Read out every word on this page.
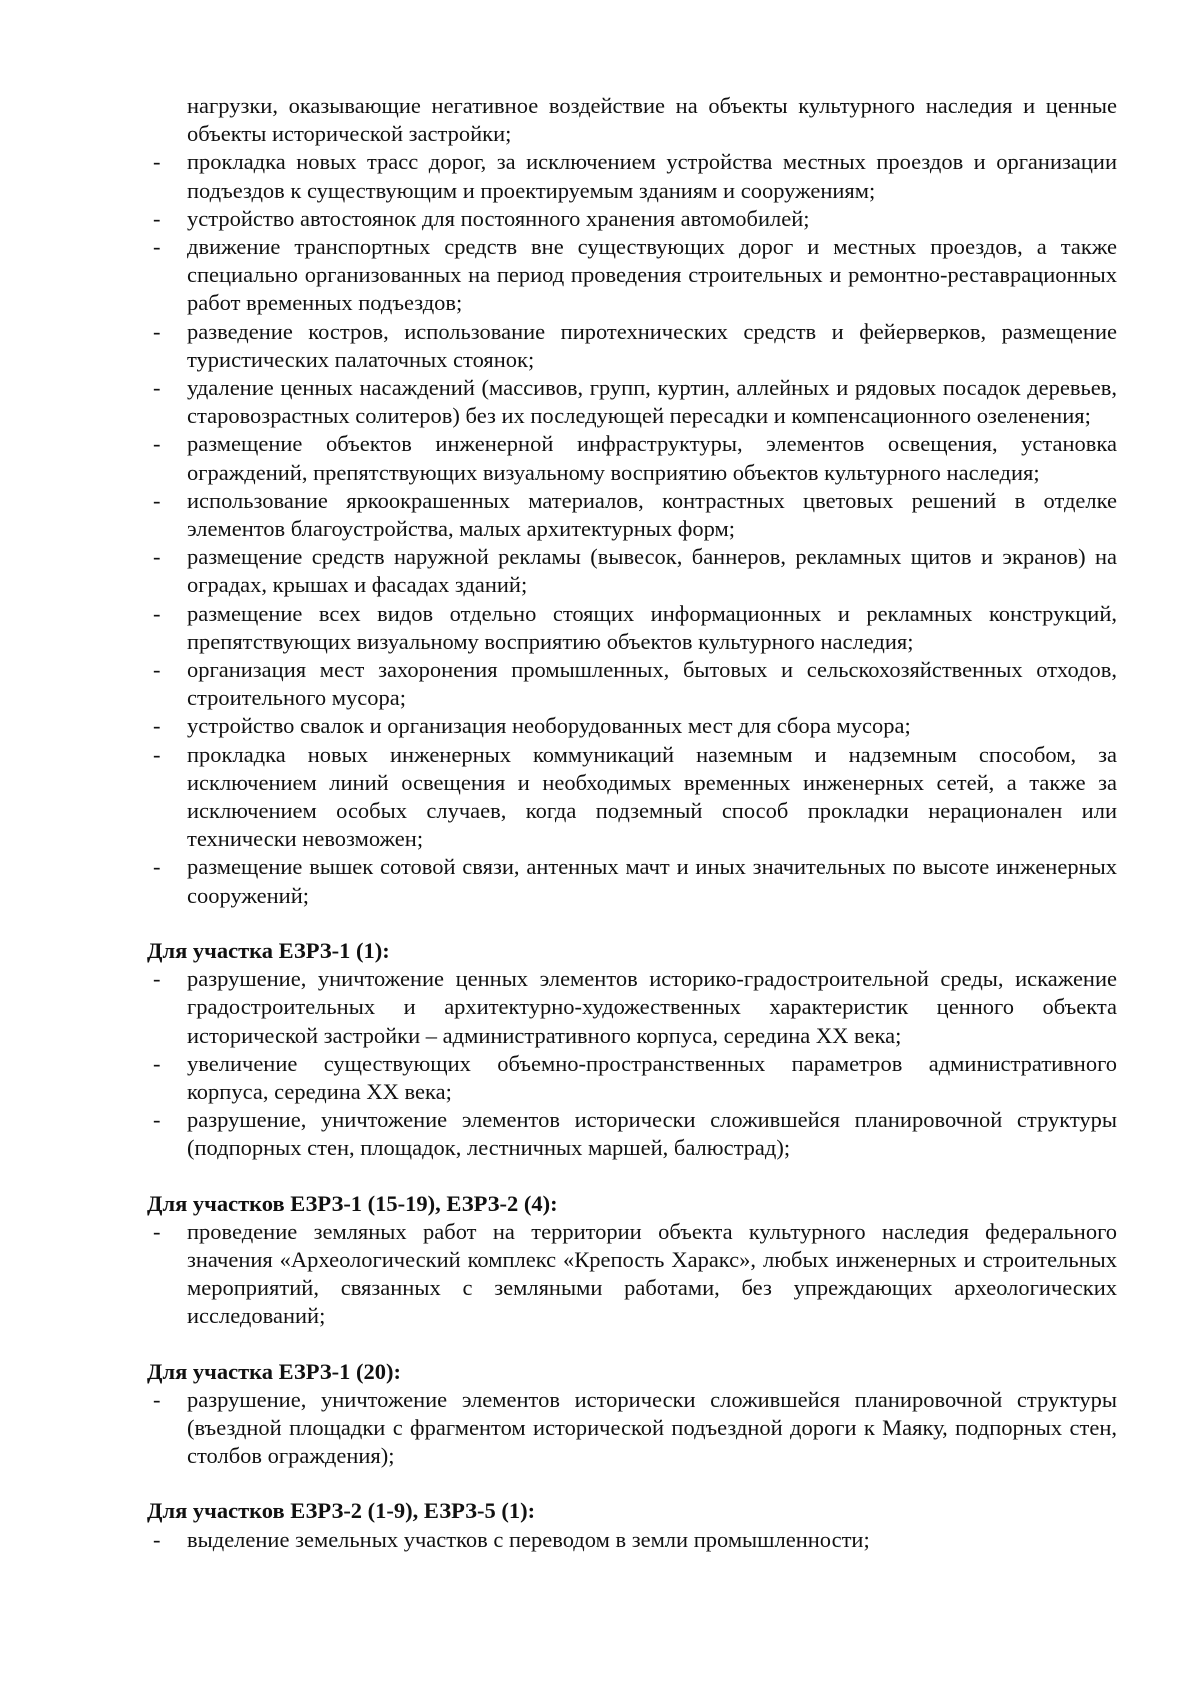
нагрузки, оказывающие негативное воздействие на объекты культурного наследия и ценные объекты исторической застройки;

- прокладка новых трасс дорог, за исключением устройства местных проездов и организации подъездов к существующим и проектируемым зданиям и сооружениям;
- устройство автостоянок для постоянного хранения автомобилей;
- движение транспортных средств вне существующих дорог и местных проездов, а также специально организованных на период проведения строительных и ремонтно-реставрационных работ временных подъездов;
- разведение костров, использование пиротехнических средств и фейерверков, размещение туристических палаточных стоянок;
- удаление ценных насаждений (массивов, групп, куртин, аллейных и рядовых посадок деревьев, старовозрастных солитеров) без их последующей пересадки и компенсационного озеленения;
- размещение объектов инженерной инфраструктуры, элементов освещения, установка ограждений, препятствующих визуальному восприятию объектов культурного наследия;
- использование яркоокрашенных материалов, контрастных цветовых решений в отделке элементов благоустройства, малых архитектурных форм;
- размещение средств наружной рекламы (вывесок, баннеров, рекламных щитов и экранов) на оградах, крышах и фасадах зданий;
- размещение всех видов отдельно стоящих информационных и рекламных конструкций, препятствующих визуальному восприятию объектов культурного наследия;
- организация мест захоронения промышленных, бытовых и сельскохозяйственных отходов, строительного мусора;
- устройство свалок и организация необорудованных мест для сбора мусора;
- прокладка новых инженерных коммуникаций наземным и надземным способом, за исключением линий освещения и необходимых временных инженерных сетей, а также за исключением особых случаев, когда подземный способ прокладки нерационален или технически невозможен;
- размещение вышек сотовой связи, антенных мачт и иных значительных по высоте инженерных сооружений;

Для участка ЕЗРЗ-1 (1):

- разрушение, уничтожение ценных элементов историко-градостроительной среды, искажение градостроительных и архитектурно-художественных характеристик ценного объекта исторической застройки – административного корпуса, середина XX века;
- увеличение существующих объемно-пространственных параметров административного корпуса, середина XX века;
- разрушение, уничтожение элементов исторически сложившейся планировочной структуры (подпорных стен, площадок, лестничных маршей, балюстрад);

Для участков ЕЗРЗ-1 (15-19), ЕЗРЗ-2 (4):

- проведение земляных работ на территории объекта культурного наследия федерального значения «Археологический комплекс «Крепость Харакс», любых инженерных и строительных мероприятий, связанных с земляными работами, без упреждающих археологических исследований;

Для участка ЕЗРЗ-1 (20):

- разрушение, уничтожение элементов исторически сложившейся планировочной структуры (въездной площадки с фрагментом исторической подъездной дороги к Маяку, подпорных стен, столбов ограждения);

Для участков ЕЗРЗ-2 (1-9), ЕЗРЗ-5 (1):

- выделение земельных участков с переводом в земли промышленности;
